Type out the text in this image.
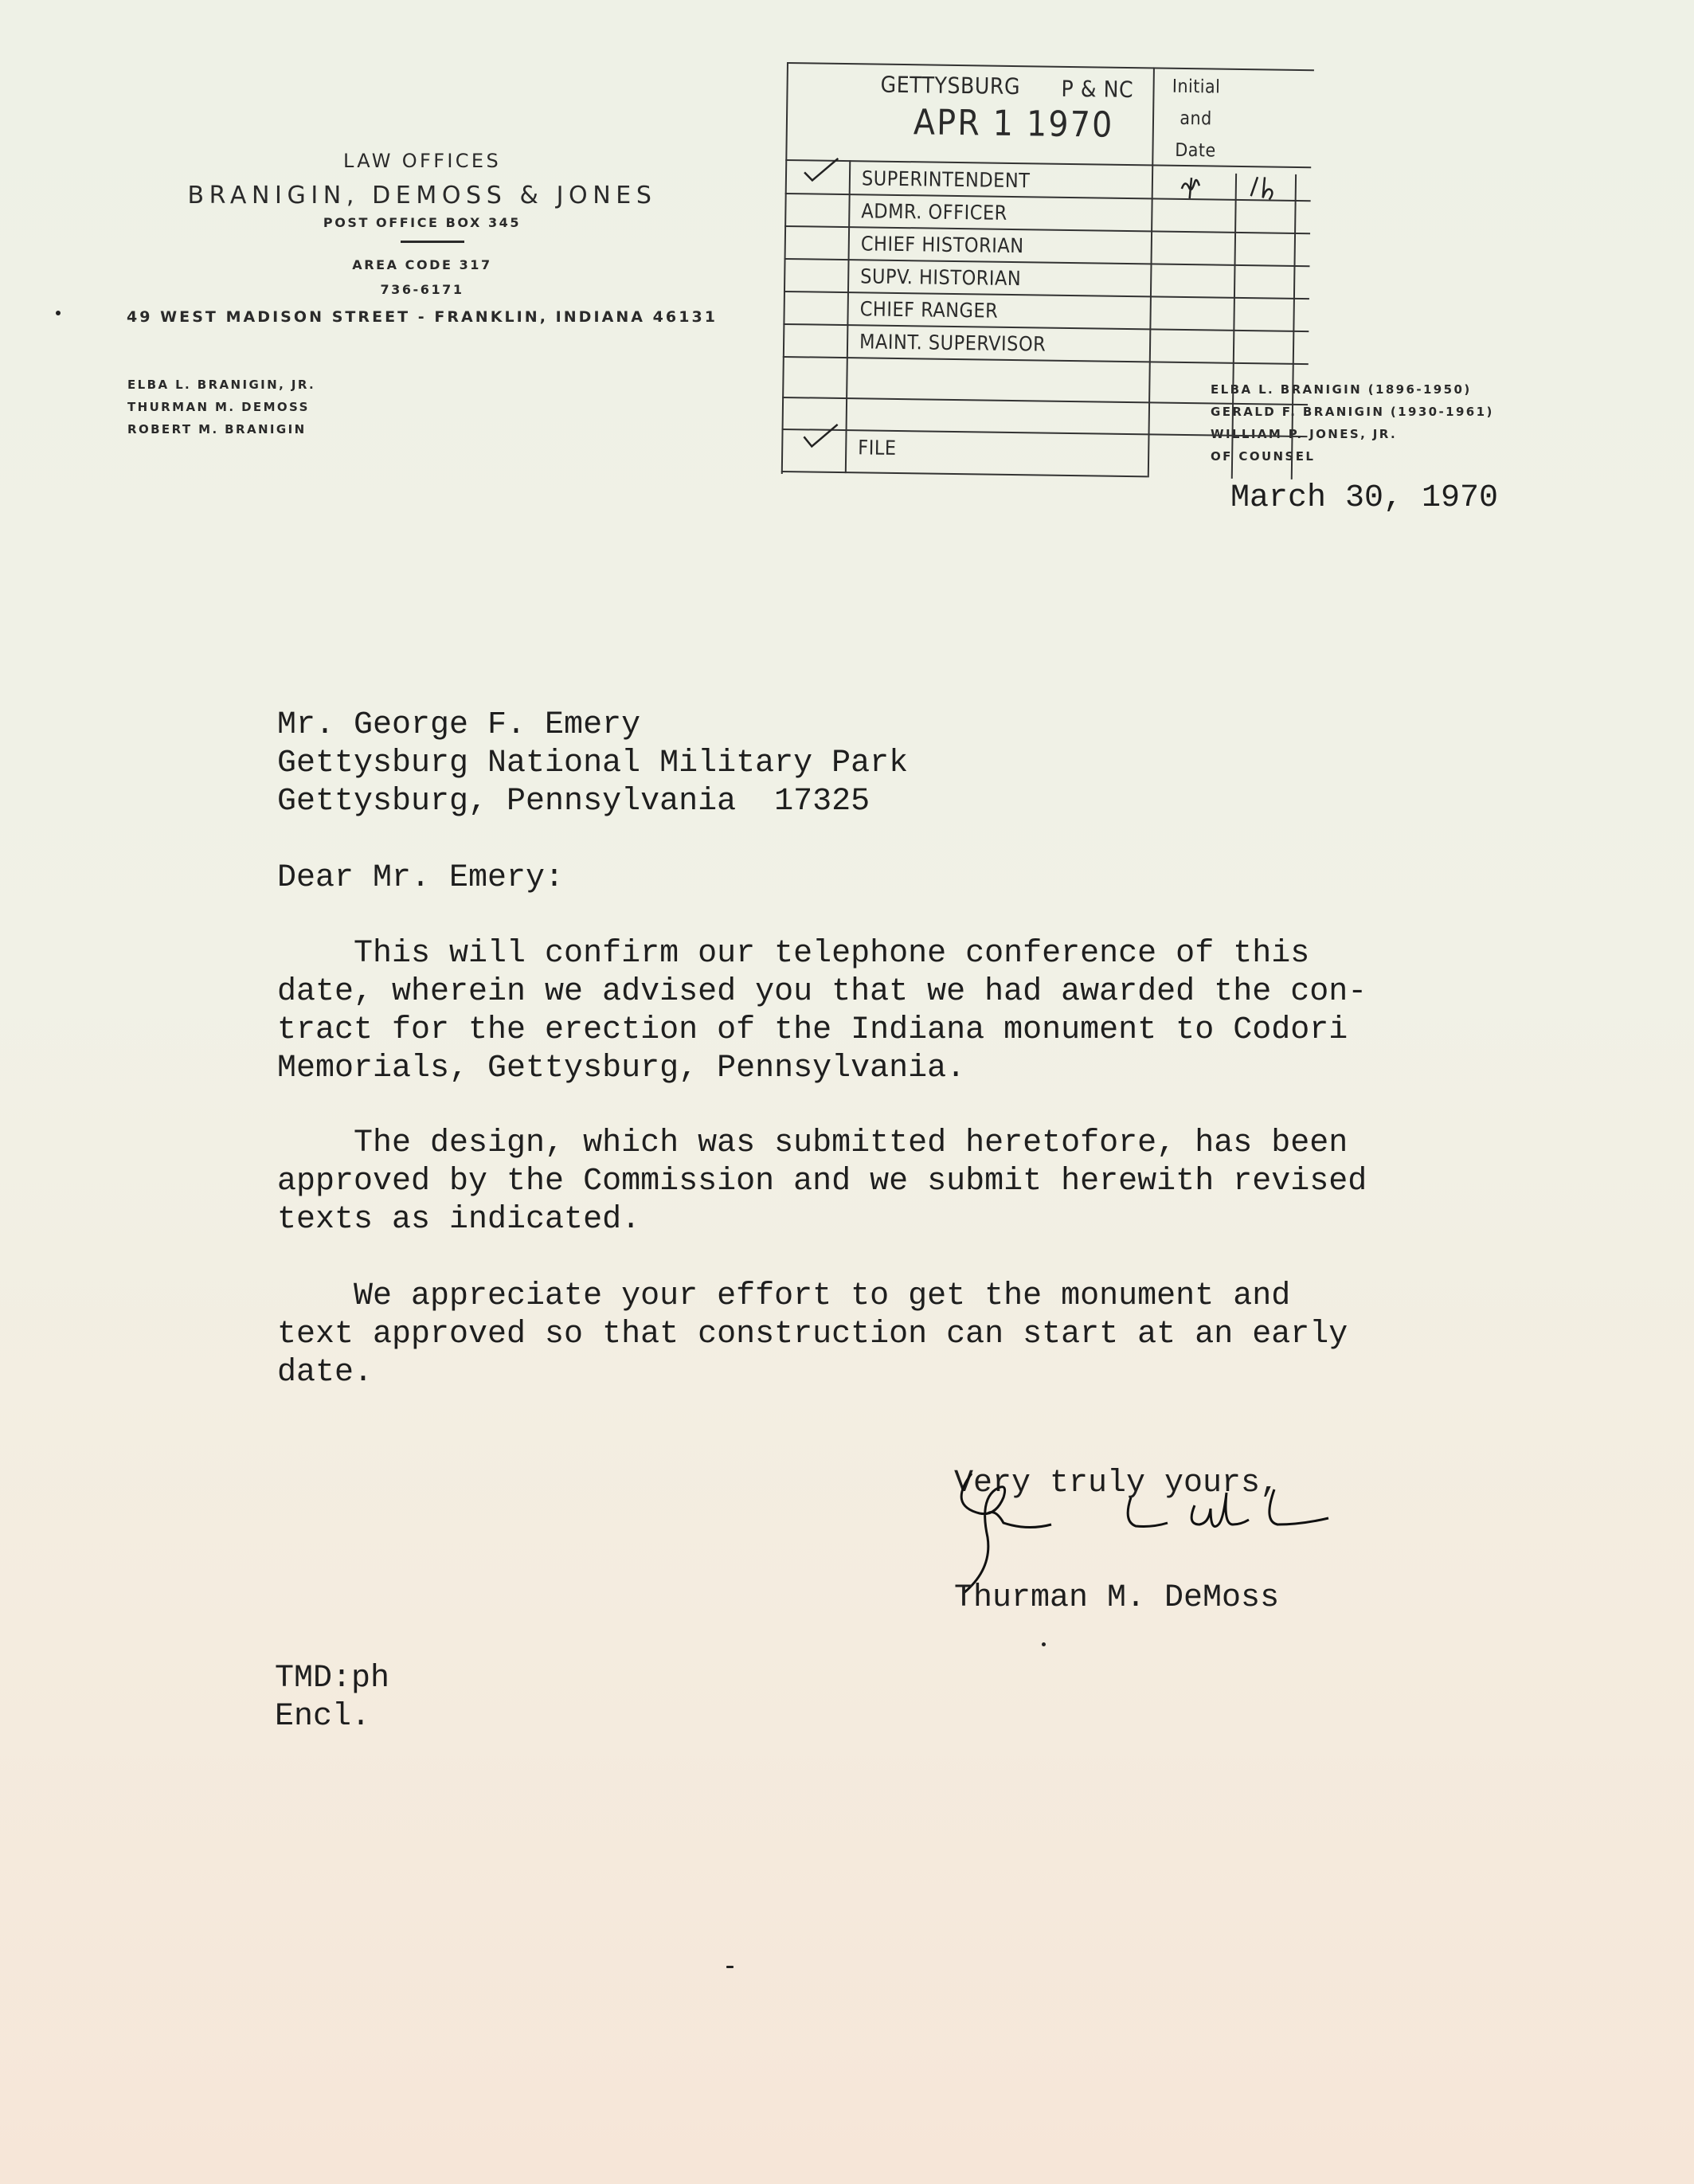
LAW OFFICES
BRANIGIN, DEMOSS & JONES
POST OFFICE BOX 345
AREA CODE 317
736-6171
49 WEST MADISON STREET - FRANKLIN, INDIANA 46131
ELBA L. BRANIGIN, JR.
THURMAN M. DEMOSS
ROBERT M. BRANIGIN
ELBA L. BRANIGIN (1896-1950)
GERALD F. BRANIGIN (1930-1961)
WILLIAM P. JONES, JR.
OF COUNSEL
GETTYSBURG P & NC
APR 1 1970
Initial
and
Date
SUPERINTENDENT
ADMR. OFFICER
CHIEF HISTORIAN
SUPV. HISTORIAN
CHIEF RANGER
MAINT. SUPERVISOR
FILE
March 30, 1970
Mr. George F. Emery
Gettysburg National Military Park
Gettysburg, Pennsylvania  17325
Dear Mr. Emery:
This will confirm our telephone conference of this
date, wherein we advised you that we had awarded the con-
tract for the erection of the Indiana monument to Codori
Memorials, Gettysburg, Pennsylvania.
The design, which was submitted heretofore, has been
approved by the Commission and we submit herewith revised
texts as indicated.
We appreciate your effort to get the monument and
text approved so that construction can start at an early
date.
Very truly yours,
Thurman M. DeMoss
TMD:ph
Encl.
